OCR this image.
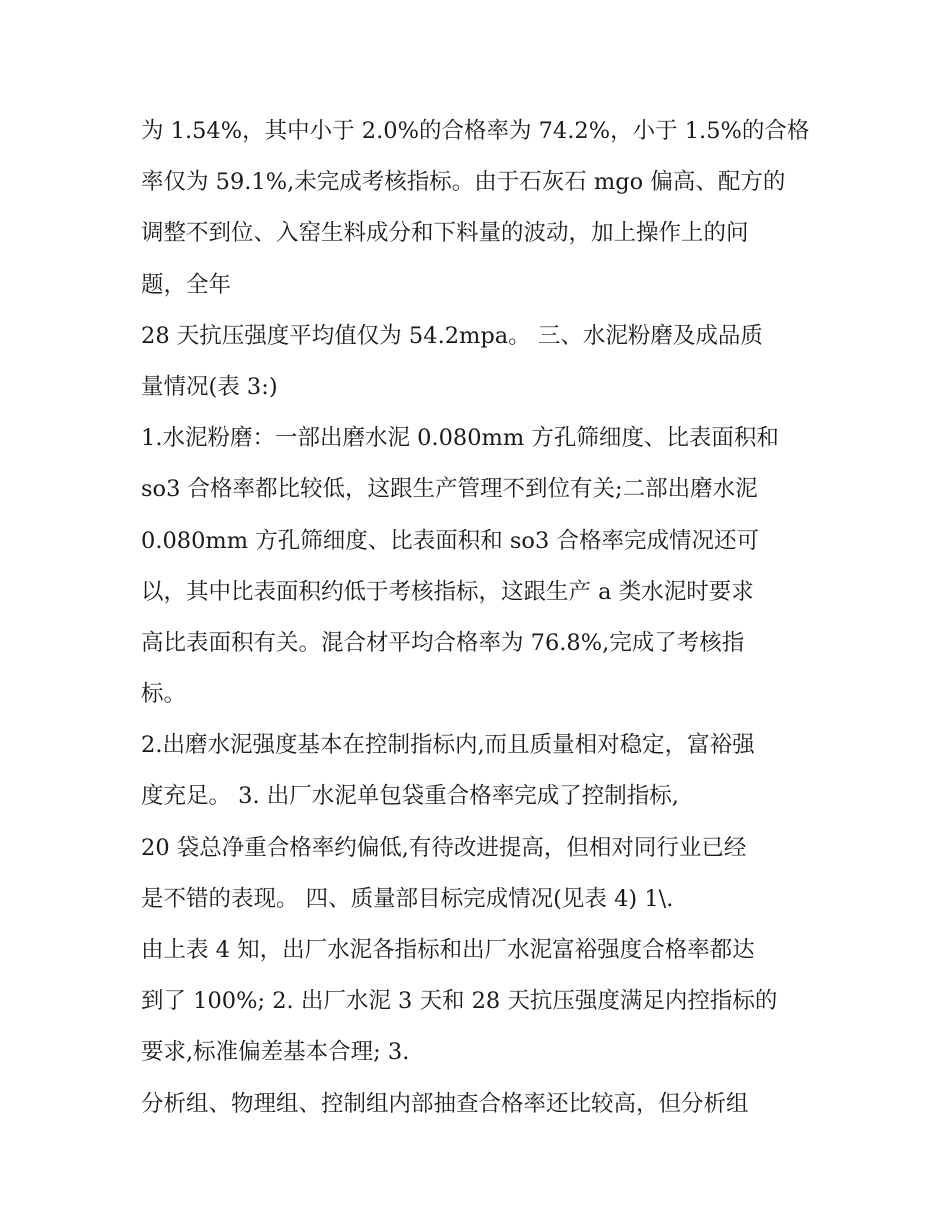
为 1.54%，其中小于 2.0%的合格率为 74.2%，小于 1.5%的合格
率仅为 59.1%,未完成考核指标。由于石灰石 mgo 偏高、配方的
调整不到位、入窑生料成分和下料量的波动，加上操作上的问
题，全年
28 天抗压强度平均值仅为 54.2mpa。 三、水泥粉磨及成品质
量情况(表 3:)
1.水泥粉磨：一部出磨水泥 0.080mm 方孔筛细度、比表面积和
so3 合格率都比较低，这跟生产管理不到位有关;二部出磨水泥
0.080mm 方孔筛细度、比表面积和 so3 合格率完成情况还可
以，其中比表面积约低于考核指标，这跟生产 a 类水泥时要求
高比表面积有关。混合材平均合格率为 76.8%,完成了考核指
标。
2.出磨水泥强度基本在控制指标内,而且质量相对稳定，富裕强
度充足。 3. 出厂水泥单包袋重合格率完成了控制指标,
20 袋总净重合格率约偏低,有待改进提高，但相对同行业已经
是不错的表现。 四、质量部目标完成情况(见表 4) 1\.
由上表 4 知，出厂水泥各指标和出厂水泥富裕强度合格率都达
到了 100%; 2. 出厂水泥 3 天和 28 天抗压强度满足内控指标的
要求,标准偏差基本合理; 3.
分析组、物理组、控制组内部抽查合格率还比较高，但分析组
